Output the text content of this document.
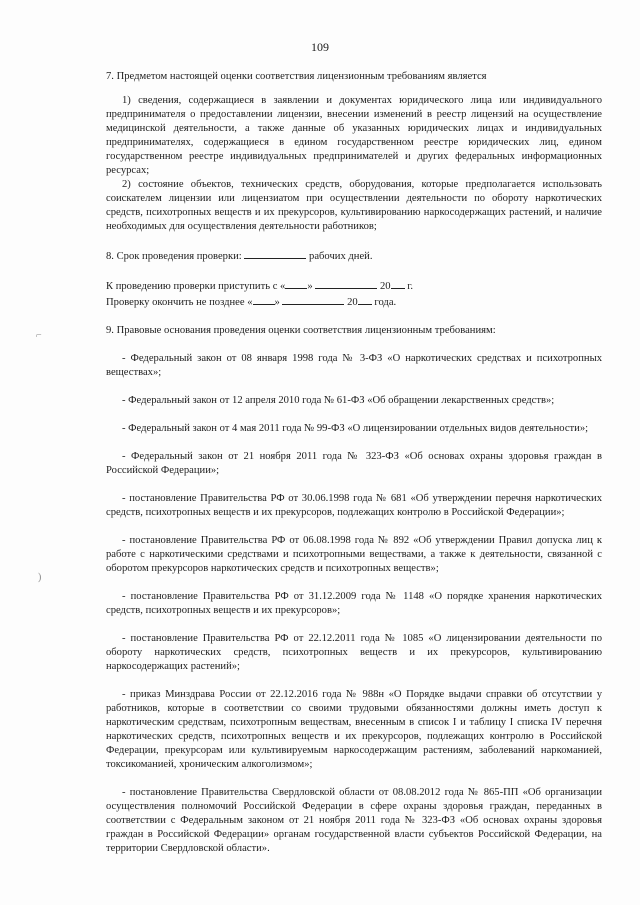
109
⌐
)

7. Предметом настоящей оценки соответствия лицензионным требованиям является

1) сведения, содержащиеся в заявлении и документах юридического лица или индивидуального предпринимателя о предоставлении лицензии, внесении изменений в реестр лицензий на осуществление медицинской деятельности, а также данные об указанных юридических лицах и индивидуальных предпринимателях, содержащиеся в едином государственном реестре юридических лиц, едином государственном реестре индивидуальных предпринимателей и других федеральных информационных ресурсах;

2) состояние объектов, технических средств, оборудования, которые предполагается использовать соискателем лицензии или лицензиатом при осуществлении деятельности по обороту наркотических средств, психотропных веществ и их прекурсоров, культивированию наркосодержащих растений, и наличие необходимых для осуществления деятельности работников;

8. Срок проведения проверки:	рабочих дней.

К проведению проверки приступить с « »	20 г.

Проверку окончить не позднее « »	20 года.

9. Правовые основания проведения оценки соответствия лицензионным требованиям:

- Федеральный закон от 08 января 1998 года № 3-ФЗ «О наркотических средствах и психотропных веществах»;

- Федеральный закон от 12 апреля 2010 года № 61-ФЗ «Об обращении лекарственных средств»;

- Федеральный закон от 4 мая 2011 года № 99-ФЗ «О лицензировании отдельных видов деятельности»;

- Федеральный закон от 21 ноября 2011 года № 323-ФЗ «Об основах охраны здоровья граждан в Российской Федерации»;

- постановление Правительства РФ от 30.06.1998 года № 681 «Об утверждении перечня наркотических средств, психотропных веществ и их прекурсоров, подлежащих контролю в Российской Федерации»;

- постановление Правительства РФ от 06.08.1998 года № 892 «Об утверждении Правил допуска лиц к работе с наркотическими средствами и психотропными веществами, а также к деятельности, связанной с оборотом прекурсоров наркотических средств и психотропных веществ»;

- постановление Правительства РФ от 31.12.2009 года № 1148 «О порядке хранения наркотических средств, психотропных веществ и их прекурсоров»;

- постановление Правительства РФ от 22.12.2011 года № 1085 «О лицензировании деятельности по обороту наркотических средств, психотропных веществ и их прекурсоров, культивированию наркосодержащих растений»;

- приказ Минздрава России от 22.12.2016 года № 988н «О Порядке выдачи справки об отсутствии у работников, которые в соответствии со своими трудовыми обязанностями должны иметь доступ к наркотическим средствам, психотропным веществам, внесенным в список I и таблицу I списка IV перечня наркотических средств, психотропных веществ и их прекурсоров, подлежащих контролю в Российской Федерации, прекурсорам или культивируемым наркосодержащим растениям, заболеваний наркоманией, токсикоманией, хроническим алкоголизмом»;

- постановление Правительства Свердловской области от 08.08.2012 года № 865-ПП «Об организации осуществления полномочий Российской Федерации в сфере охраны здоровья граждан, переданных в соответствии с Федеральным законом от 21 ноября 2011 года № 323-ФЗ «Об основах охраны здоровья граждан в Российской Федерации» органам государственной власти субъектов Российской Федерации, на территории Свердловской области».
